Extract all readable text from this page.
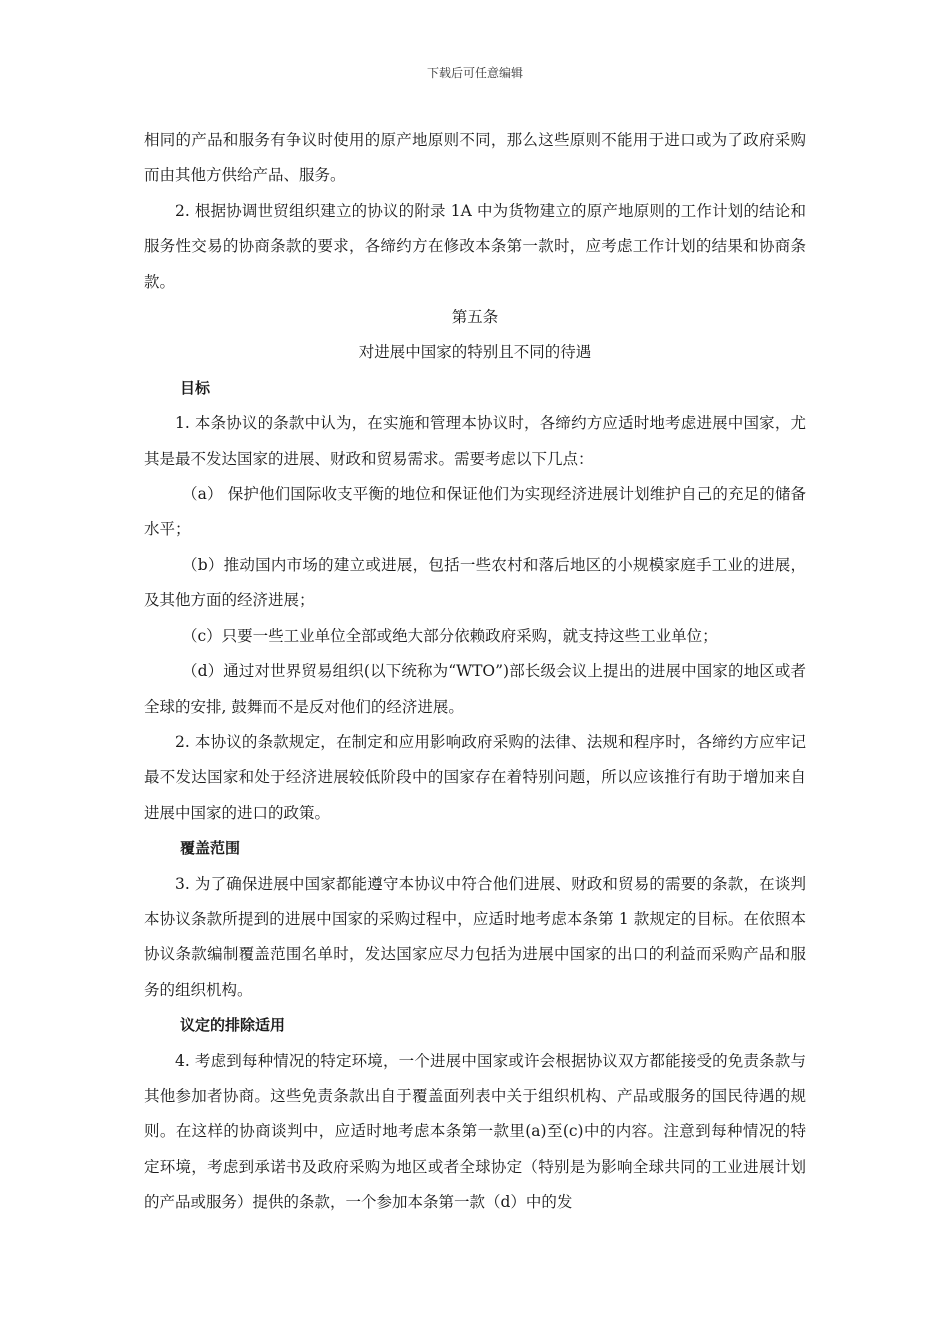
下载后可任意编辑

相同的产品和服务有争议时使用的原产地原则不同，那么这些原则不能用于进口或为了政府采购而由其他方供给产品、服务。

2. 根据协调世贸组织建立的协议的附录 1A 中为货物建立的原产地原则的工作计划的结论和服务性交易的协商条款的要求，各缔约方在修改本条第一款时，应考虑工作计划的结果和协商条款。

第五条

对进展中国家的特别且不同的待遇

目标

1. 本条协议的条款中认为，在实施和管理本协议时，各缔约方应适时地考虑进展中国家，尤其是最不发达国家的进展、财政和贸易需求。需要考虑以下几点：

（a） 保护他们国际收支平衡的地位和保证他们为实现经济进展计划维护自己的充足的储备水平；

（b）推动国内市场的建立或进展，包括一些农村和落后地区的小规模家庭手工业的进展，及其他方面的经济进展；

（c）只要一些工业单位全部或绝大部分依赖政府采购，就支持这些工业单位；

（d）通过对世界贸易组织(以下统称为“WTO”)部长级会议上提出的进展中国家的地区或者全球的安排, 鼓舞而不是反对他们的经济进展。

2. 本协议的条款规定，在制定和应用影响政府采购的法律、法规和程序时，各缔约方应牢记最不发达国家和处于经济进展较低阶段中的国家存在着特别问题，所以应该推行有助于增加来自进展中国家的进口的政策。

覆盖范围

3. 为了确保进展中国家都能遵守本协议中符合他们进展、财政和贸易的需要的条款，在谈判本协议条款所提到的进展中国家的采购过程中，应适时地考虑本条第 1 款规定的目标。在依照本协议条款编制覆盖范围名单时，发达国家应尽力包括为进展中国家的出口的利益而采购产品和服务的组织机构。

议定的排除适用

4. 考虑到每种情况的特定环境，一个进展中国家或许会根据协议双方都能接受的免责条款与其他参加者协商。这些免责条款出自于覆盖面列表中关于组织机构、产品或服务的国民待遇的规则。在这样的协商谈判中，应适时地考虑本条第一款里(a)至(c)中的内容。注意到每种情况的特定环境，考虑到承诺书及政府采购为地区或者全球协定（特别是为影响全球共同的工业进展计划的产品或服务）提供的条款，一个参加本条第一款（d）中的发
